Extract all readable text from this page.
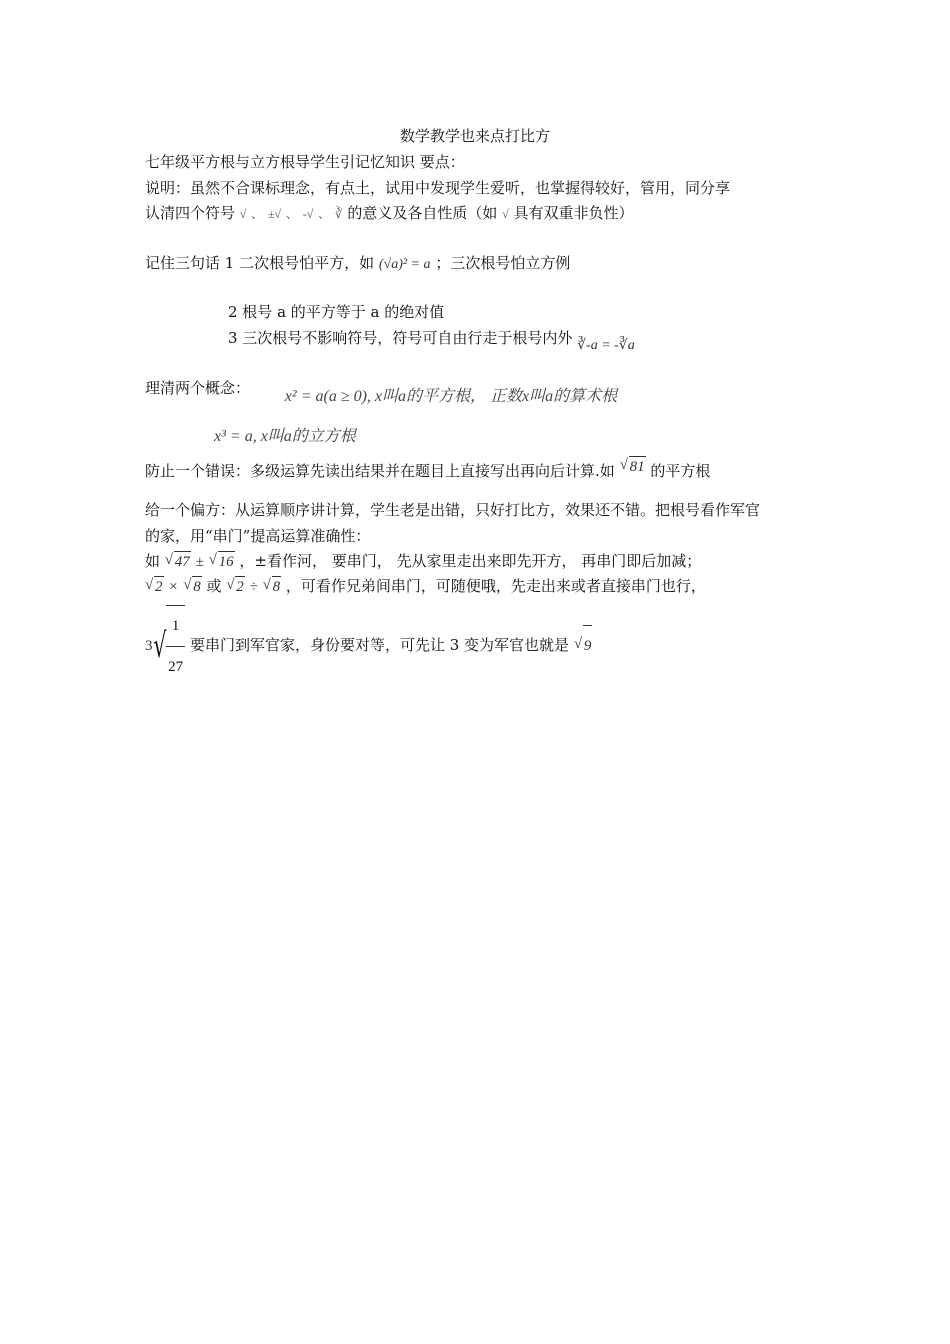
数学教学也来点打比方
七年级平方根与立方根导学生引记忆知识 要点：
说明：虽然不合课标理念，有点土，试用中发现学生爱听，也掌握得较好，管用，同分享
认清四个符号 √ 、 ±√ 、 -√ 、 ∛ 的意义及各自性质（如 √ 具有双重非负性）
记住三句话 1 二次根号怕平方，如 (√a)² = a ；三次根号怕立方例
2 根号 a 的平方等于 a 的绝对值
3 三次根号不影响符号，符号可自由行走于根号内外 ∛-a = -∛a
理清两个概念： x² = a(a ≥ 0), x叫a的平方根， 正数x叫a的算术根
x³ = a, x叫a的立方根
防止一个错误：多级运算先读出结果并在题目上直接写出再向后计算.如 √ 81 的平方根
给一个偏方：从运算顺序讲计算，学生老是出错，只好打比方，效果还不错。把根号看作军官
的家，用“串门”提高运算准确性：
如 √ 47 ± √ 16 ，±看作河， 要串门， 先从家里走出来即先开方， 再串门即后加减；
√ 2 × √ 8 或 √ 2 ÷ √ 8 ，可看作兄弟间串门，可随便哦，先走出来或者直接串门也行，
$3√ \frac{1}{27}$ 要串门到军官家，身份要对等，可先让 3 变为军官也就是 √ 9
